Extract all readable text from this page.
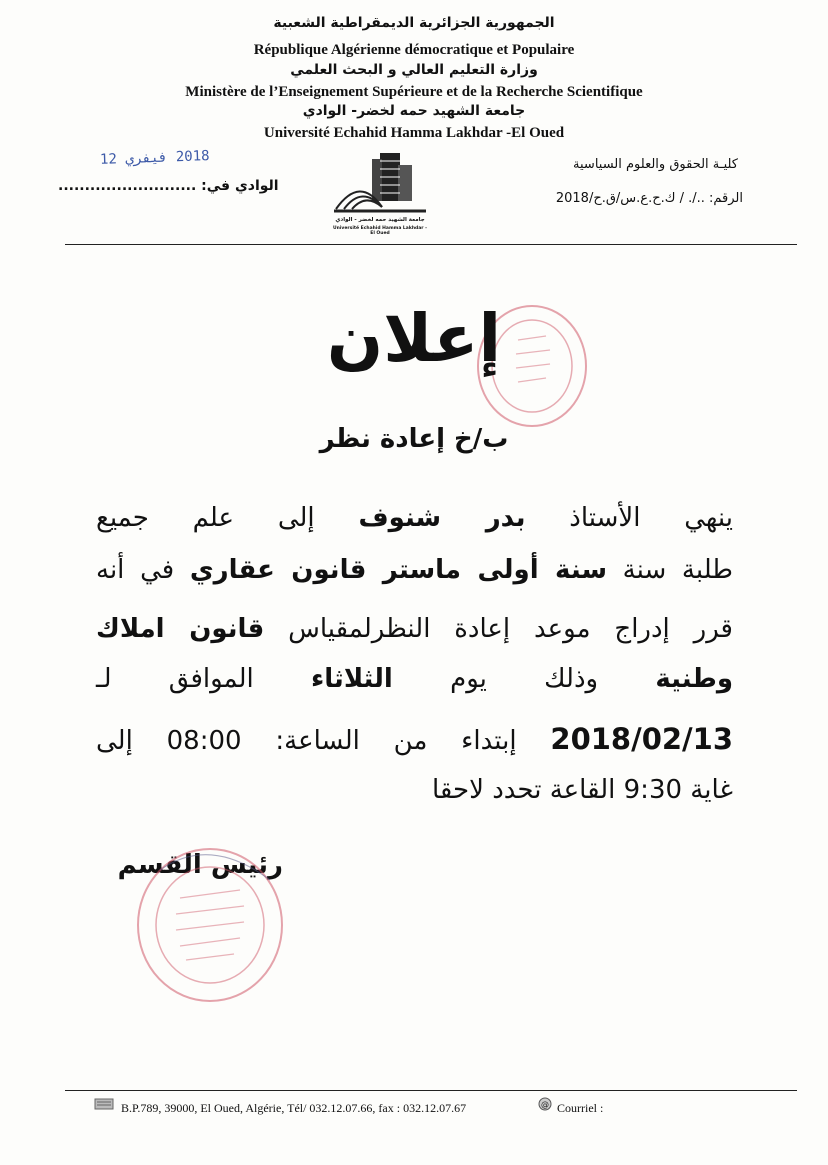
الجمهورية الجزائرية الديمقراطية الشعبية
République Algérienne démocratique et Populaire
وزارة التعليم العالي و البحث العلمي
Ministère de l’Enseignement Supérieure et de la Recherche Scientifique
جامعة الشهيد حمه لخضر- الوادي
Université Echahid Hamma Lakhdar -El Oued
كليـة الحقوق والعلوم السياسية
الرقم: ../. / ك.ح.ع.س/ق.ح/2018
الوادي في: ..........................
2018 فيفري 12
جامعة الشهيد حمه لخضر - الوادي
Université Echahid Hamma Lakhdar - El Oued
إعلان
ب/خ إعادة نظر
ينهي الأستاذ بدر شنوف إلى علم جميع
طلبة سنة سنة أولى ماستر قانون عقاري في أنه
قرر إدراج موعد إعادة النظرلمقياس قانون املاك
وطنية وذلك يوم الثلاثاء الموافق لـ
2018/02/13 إبتداء من الساعة: 08:00 إلى
غاية 9:30 القاعة تحدد لاحقا
رئيس القسم
B.P.789, 39000, El Oued, Algérie, Tél/ 032.12.07.66, fax : 032.12.07.67	@ Courriel :
